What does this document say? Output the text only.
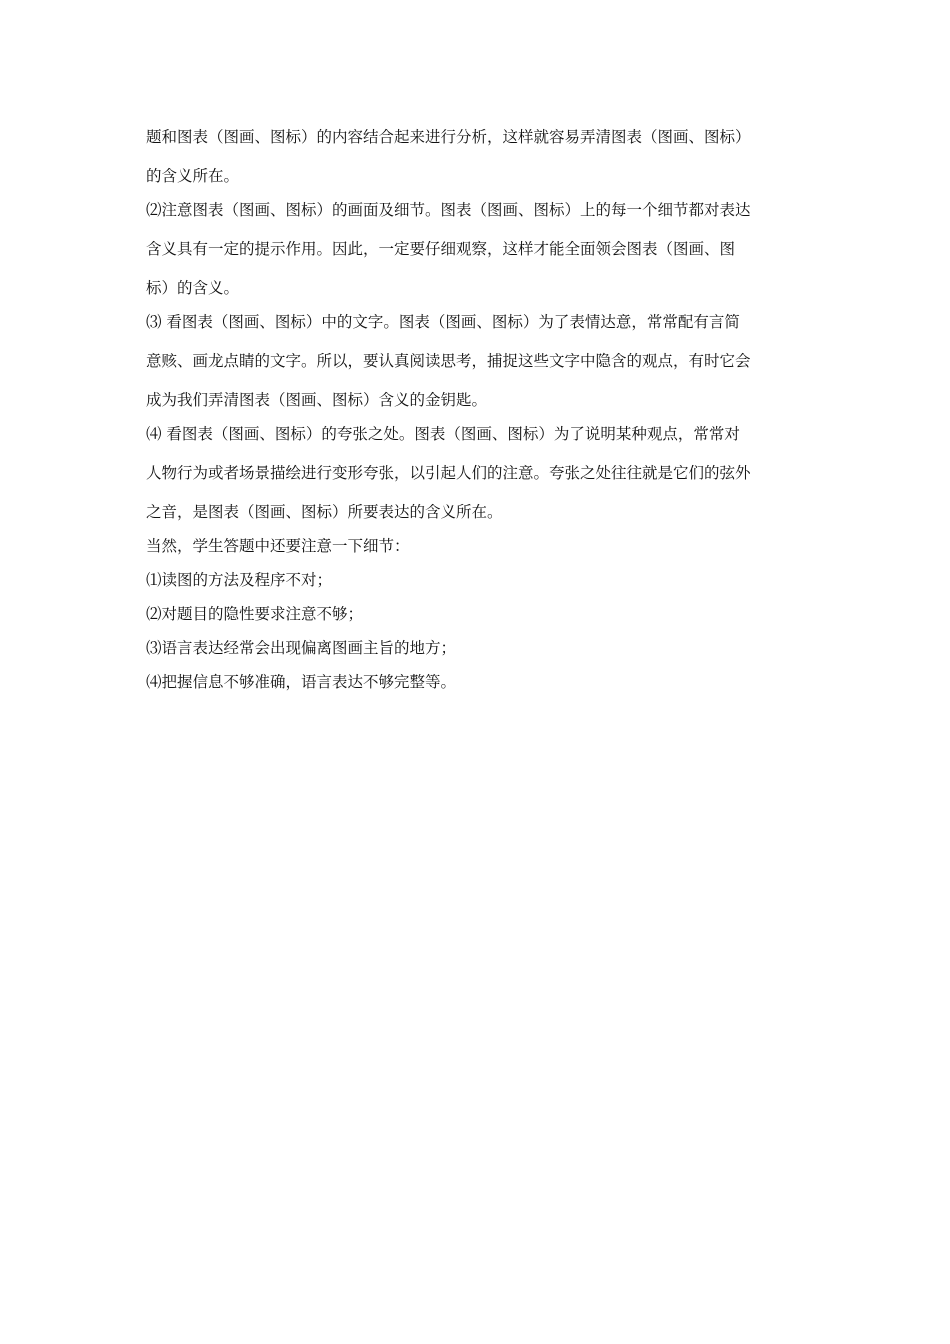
题和图表（图画、图标）的内容结合起来进行分析，这样就容易弄清图表（图画、图标）

的含义所在。

⑵注意图表（图画、图标）的画面及细节。图表（图画、图标）上的每一个细节都对表达

含义具有一定的提示作用。因此，一定要仔细观察，这样才能全面领会图表（图画、图

标）的含义。

⑶ 看图表（图画、图标）中的文字。图表（图画、图标）为了表情达意，常常配有言简

意赅、画龙点睛的文字。所以，要认真阅读思考，捕捉这些文字中隐含的观点，有时它会

成为我们弄清图表（图画、图标）含义的金钥匙。

⑷ 看图表（图画、图标）的夸张之处。图表（图画、图标）为了说明某种观点，常常对

人物行为或者场景描绘进行变形夸张，以引起人们的注意。夸张之处往往就是它们的弦外

之音，是图表（图画、图标）所要表达的含义所在。

当然，学生答题中还要注意一下细节：

⑴读图的方法及程序不对；

⑵对题目的隐性要求注意不够；

⑶语言表达经常会出现偏离图画主旨的地方；

⑷把握信息不够准确，语言表达不够完整等。
